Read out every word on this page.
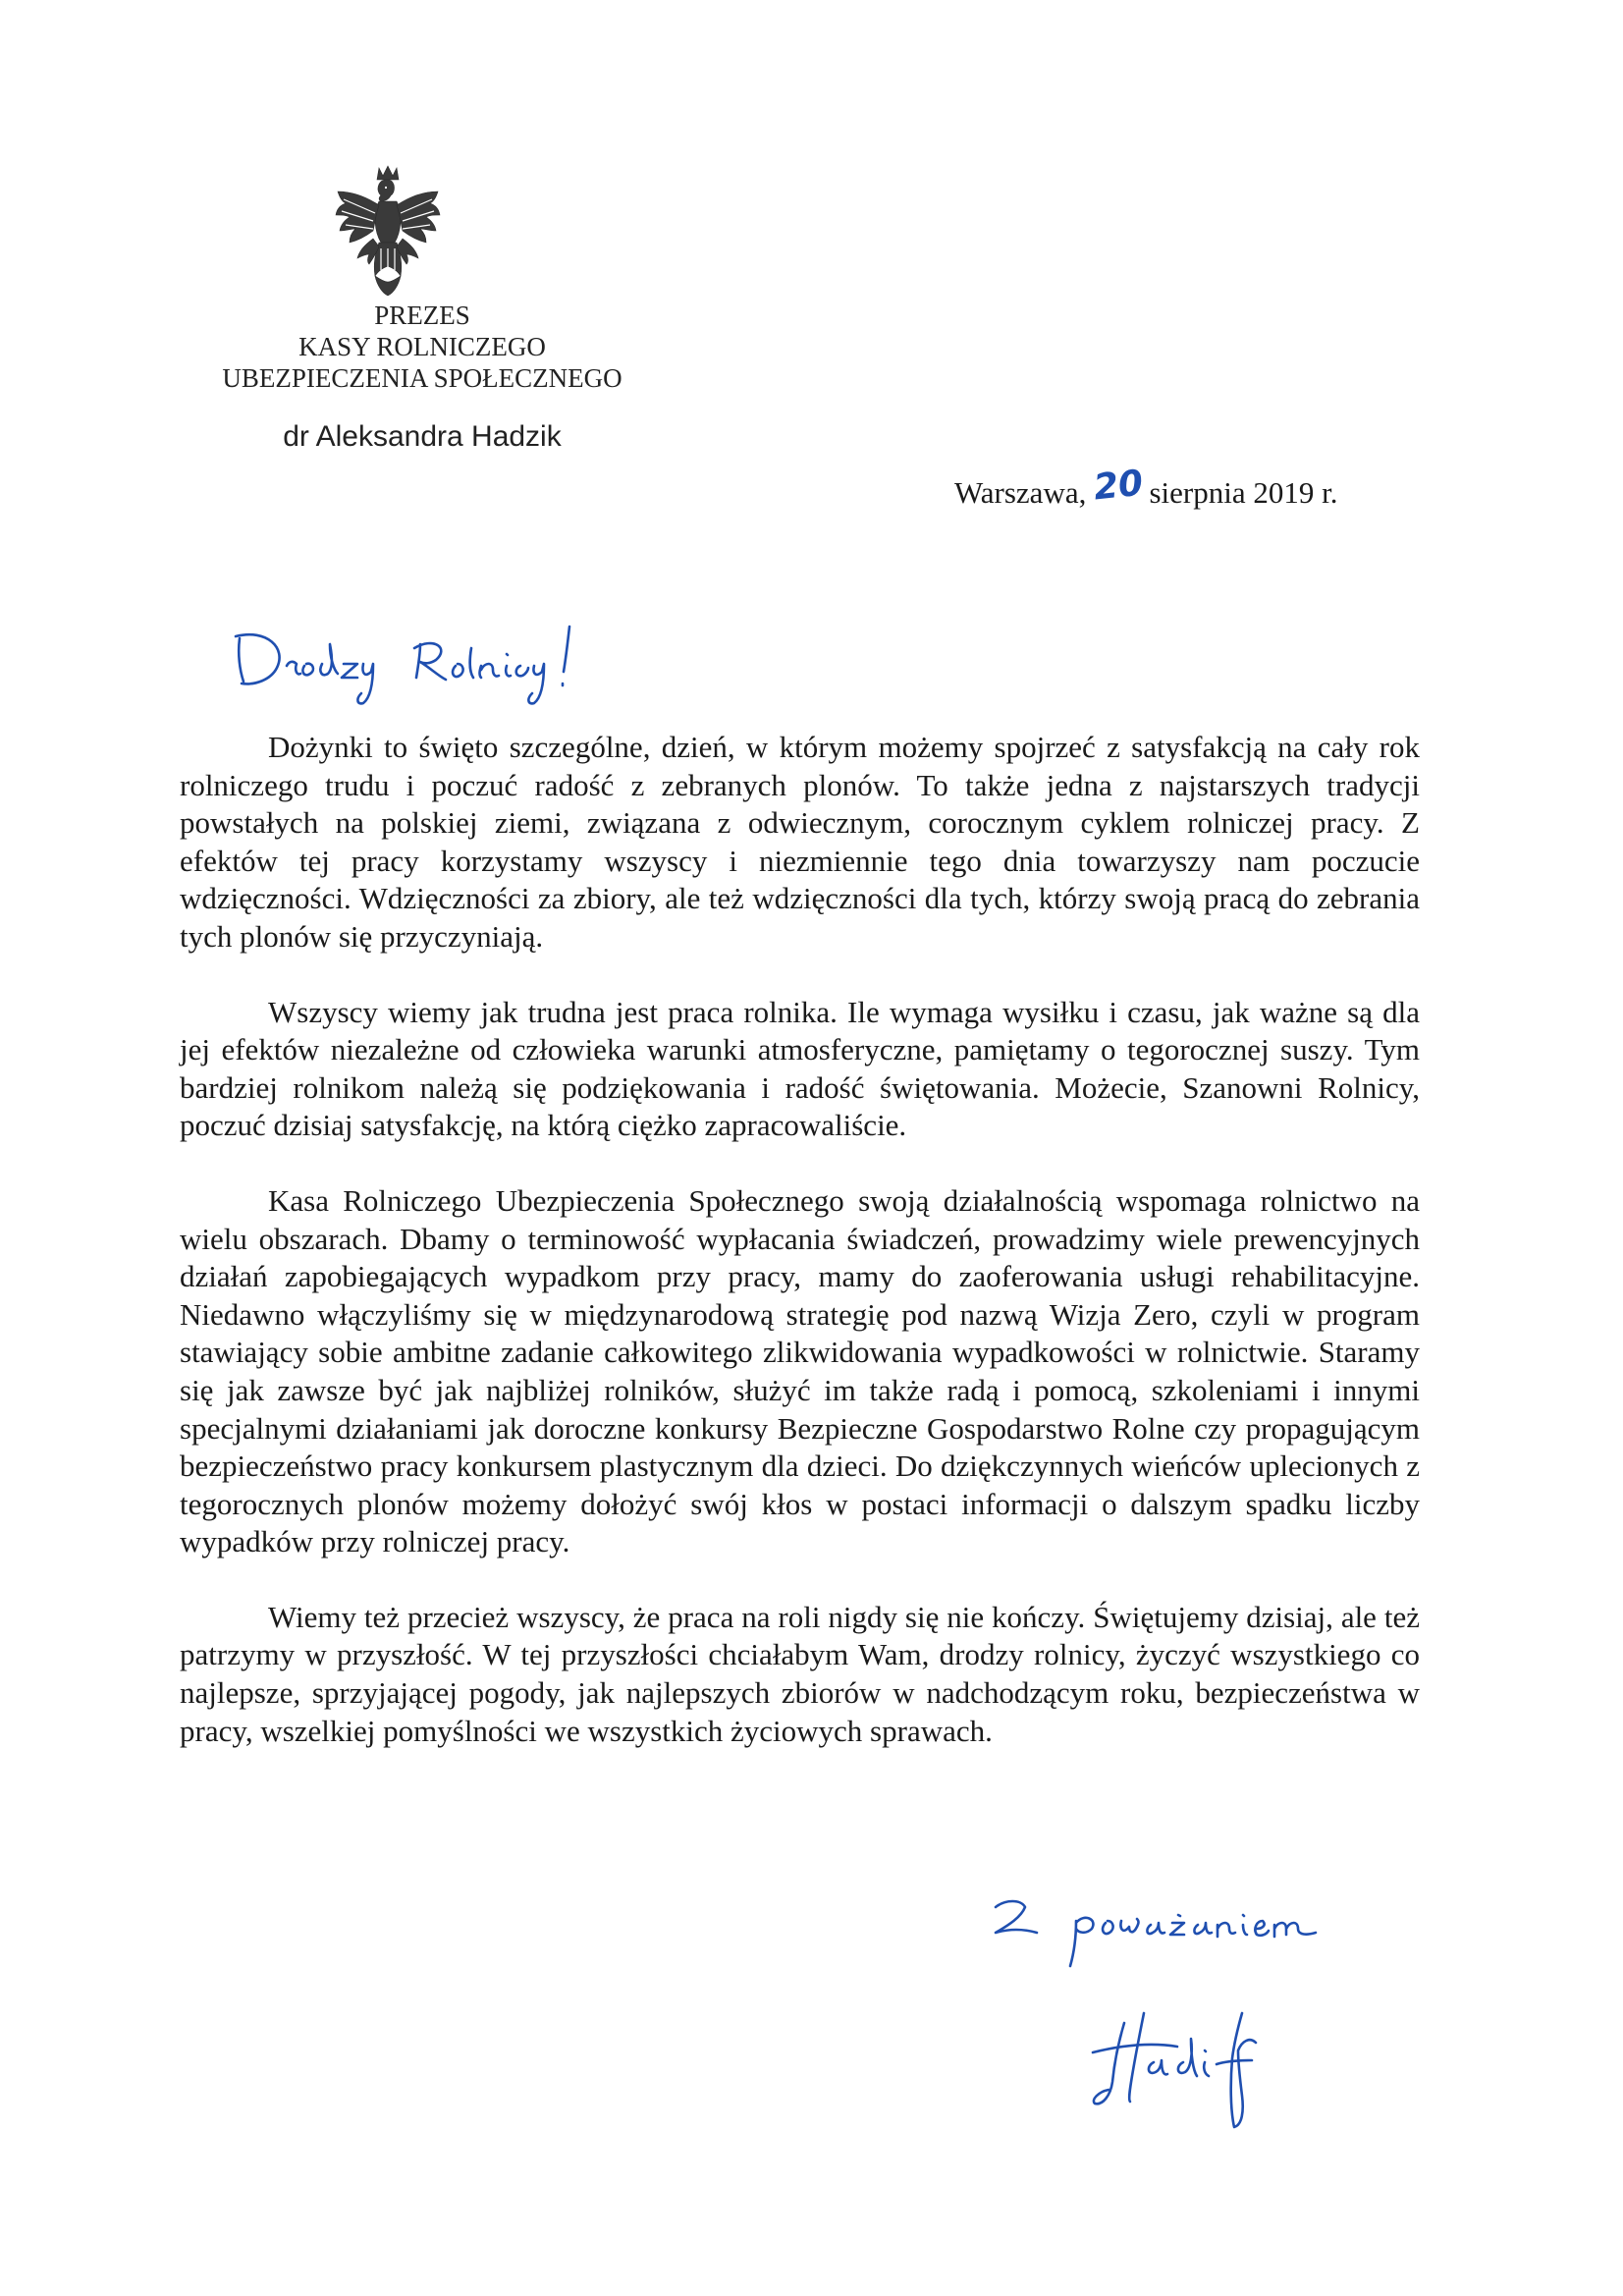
PREZES
KASY ROLNICZEGO
UBEZPIECZENIA SPOŁECZNEGO
dr Aleksandra Hadzik
Warszawa, 20 sierpnia 2019 r.

Dożynki to święto szczególne, dzień, w którym możemy spojrzeć z satysfakcją na cały rok rolniczego trudu i poczuć radość z zebranych plonów. To także jedna z najstarszych tradycji powstałych na polskiej ziemi, związana z odwiecznym, corocznym cyklem rolniczej pracy. Z efektów tej pracy korzystamy wszyscy i niezmiennie tego dnia towarzyszy nam poczucie wdzięczności. Wdzięczności za zbiory, ale też wdzięczności dla tych, którzy swoją pracą do zebrania tych plonów się przyczyniają.

Wszyscy wiemy jak trudna jest praca rolnika. Ile wymaga wysiłku i czasu, jak ważne są dla jej efektów niezależne od człowieka warunki atmosferyczne, pamiętamy o tegorocznej suszy. Tym bardziej rolnikom należą się podziękowania i radość świętowania. Możecie, Szanowni Rolnicy, poczuć dzisiaj satysfakcję, na którą ciężko zapracowaliście.

Kasa Rolniczego Ubezpieczenia Społecznego swoją działalnością wspomaga rolnictwo na wielu obszarach. Dbamy o terminowość wypłacania świadczeń, prowadzimy wiele prewencyjnych działań zapobiegających wypadkom przy pracy, mamy do zaoferowania usługi rehabilitacyjne. Niedawno włączyliśmy się w międzynarodową strategię pod nazwą Wizja Zero, czyli w program stawiający sobie ambitne zadanie całkowitego zlikwidowania wypadkowości w rolnictwie. Staramy się jak zawsze być jak najbliżej rolników, służyć im także radą i pomocą, szkoleniami i innymi specjalnymi działaniami jak doroczne konkursy Bezpieczne Gospodarstwo Rolne czy propagującym bezpieczeństwo pracy konkursem plastycznym dla dzieci. Do dziękczynnych wieńców uplecionych z tegorocznych plonów możemy dołożyć swój kłos w postaci informacji o dalszym spadku liczby wypadków przy rolniczej pracy.

Wiemy też przecież wszyscy, że praca na roli nigdy się nie kończy. Świętujemy dzisiaj, ale też patrzymy w przyszłość. W tej przyszłości chciałabym Wam, drodzy rolnicy, życzyć wszystkiego co najlepsze, sprzyjającej pogody, jak najlepszych zbiorów w nadchodzącym roku, bezpieczeństwa w pracy, wszelkiej pomyślności we wszystkich życiowych sprawach.
